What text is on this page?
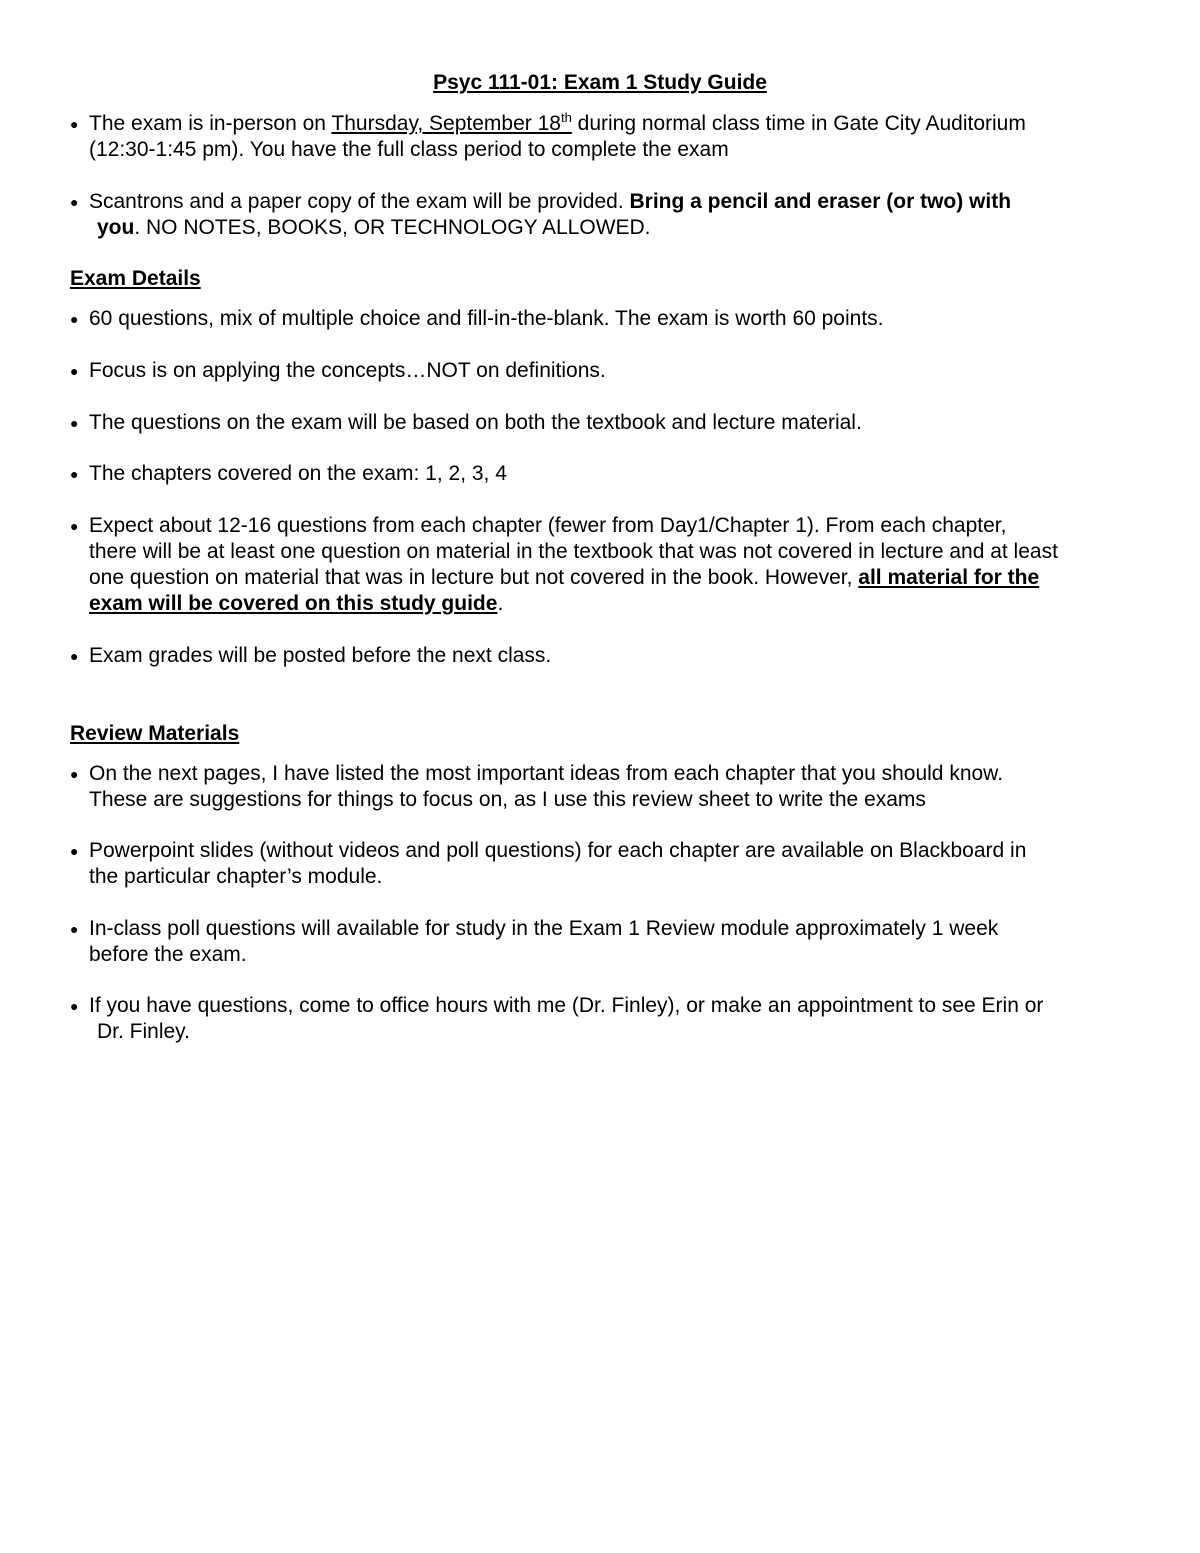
Psyc 111-01: Exam 1 Study Guide
● The exam is in-person on Thursday, September 18th during normal class time in Gate City Auditorium
(12:30-1:45 pm). You have the full class period to complete the exam
● Scantrons and a paper copy of the exam will be provided. Bring a pencil and eraser (or two) with
you. NO NOTES, BOOKS, OR TECHNOLOGY ALLOWED.
Exam Details
● 60 questions, mix of multiple choice and fill-in-the-blank. The exam is worth 60 points.
● Focus is on applying the concepts…NOT on definitions.
● The questions on the exam will be based on both the textbook and lecture material.
● The chapters covered on the exam: 1, 2, 3, 4
● Expect about 12-16 questions from each chapter (fewer from Day1/Chapter 1). From each chapter,
there will be at least one question on material in the textbook that was not covered in lecture and at least
one question on material that was in lecture but not covered in the book. However, all material for the
exam will be covered on this study guide.
● Exam grades will be posted before the next class.
Review Materials
● On the next pages, I have listed the most important ideas from each chapter that you should know.
These are suggestions for things to focus on, as I use this review sheet to write the exams
● Powerpoint slides (without videos and poll questions) for each chapter are available on Blackboard in
the particular chapter’s module.
● In-class poll questions will available for study in the Exam 1 Review module approximately 1 week
before the exam.
● If you have questions, come to office hours with me (Dr. Finley), or make an appointment to see Erin or
Dr. Finley.
